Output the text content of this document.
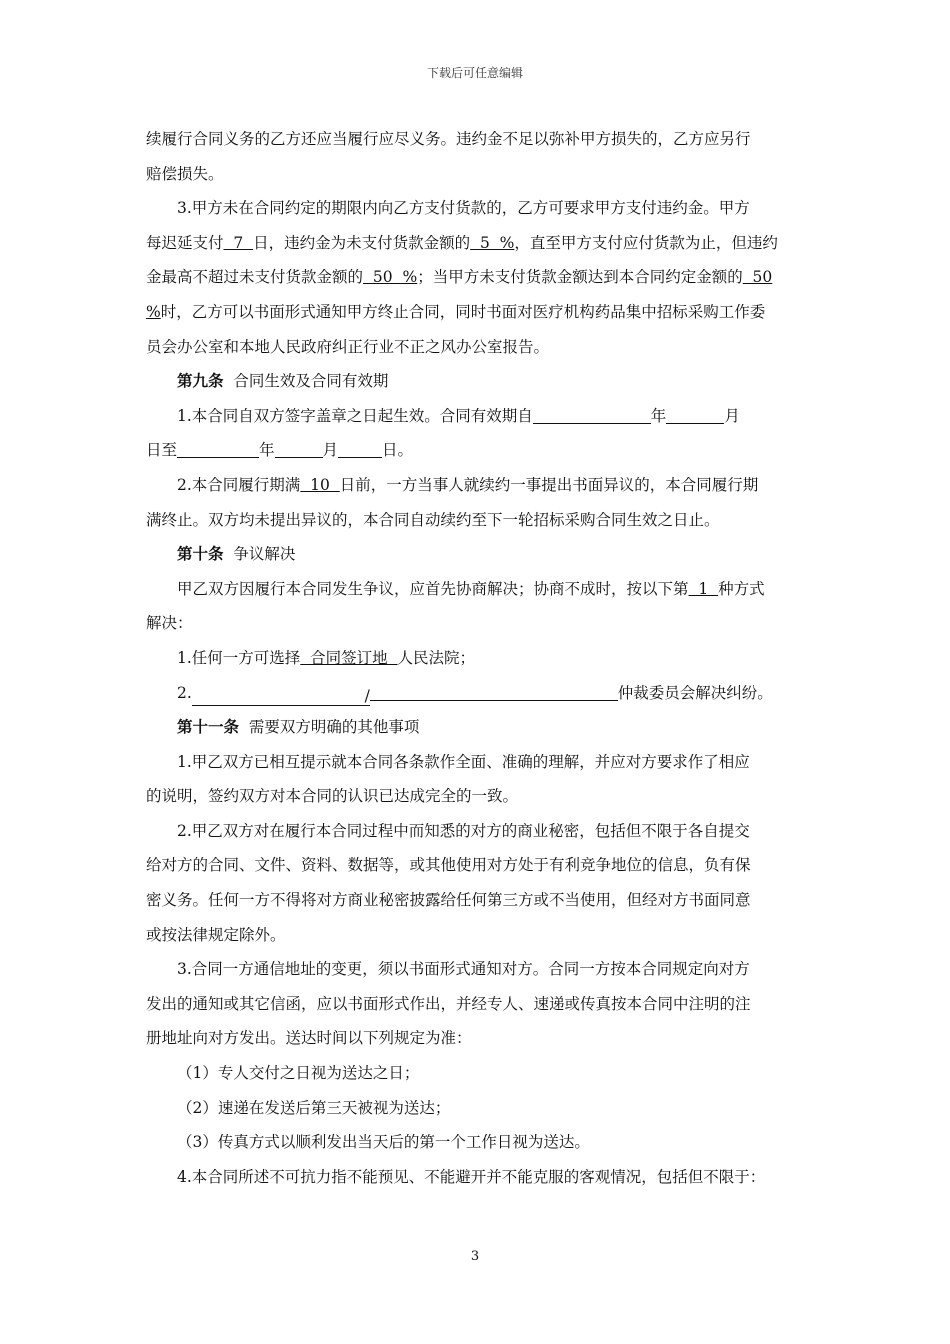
下载后可任意编辑
续履行合同义务的乙方还应当履行应尽义务。违约金不足以弥补甲方损失的，乙方应另行
赔偿损失。
3.甲方未在合同约定的期限内向乙方支付货款的，乙方可要求甲方支付违约金。甲方
每迟延支付  7  日，违约金为未支付货款金额的  5  %，直至甲方支付应付货款为止，但违约
金最高不超过未支付货款金额的  50  %；当甲方未支付货款金额达到本合同约定金额的  50
%时，乙方可以书面形式通知甲方终止合同，同时书面对医疗机构药品集中招标采购工作委
员会办公室和本地人民政府纠正行业不正之风办公室报告。
第九条 合同生效及合同有效期
1.本合同自双方签字盖章之日起生效。合同有效期自	年	月
日至	年	月	日。
2.本合同履行期满  10  日前，一方当事人就续约一事提出书面异议的，本合同履行期
满终止。双方均未提出异议的，本合同自动续约至下一轮招标采购合同生效之日止。
第十条 争议解决
甲乙双方因履行本合同发生争议，应首先协商解决；协商不成时，按以下第  1  种方式
解决：
1.任何一方可选择  合同签订地  人民法院；
2.	/	仲裁委员会解决纠纷。
第十一条 需要双方明确的其他事项
1.甲乙双方已相互提示就本合同各条款作全面、准确的理解，并应对方要求作了相应
的说明，签约双方对本合同的认识已达成完全的一致。
2.甲乙双方对在履行本合同过程中而知悉的对方的商业秘密，包括但不限于各自提交
给对方的合同、文件、资料、数据等，或其他使用对方处于有利竞争地位的信息，负有保
密义务。任何一方不得将对方商业秘密披露给任何第三方或不当使用，但经对方书面同意
或按法律规定除外。
3.合同一方通信地址的变更，须以书面形式通知对方。合同一方按本合同规定向对方
发出的通知或其它信函，应以书面形式作出，并经专人、速递或传真按本合同中注明的注
册地址向对方发出。送达时间以下列规定为准：
（1）专人交付之日视为送达之日；
（2）速递在发送后第三天被视为送达；
（3）传真方式以顺利发出当天后的第一个工作日视为送达。
4.本合同所述不可抗力指不能预见、不能避开并不能克服的客观情况，包括但不限于：
3
